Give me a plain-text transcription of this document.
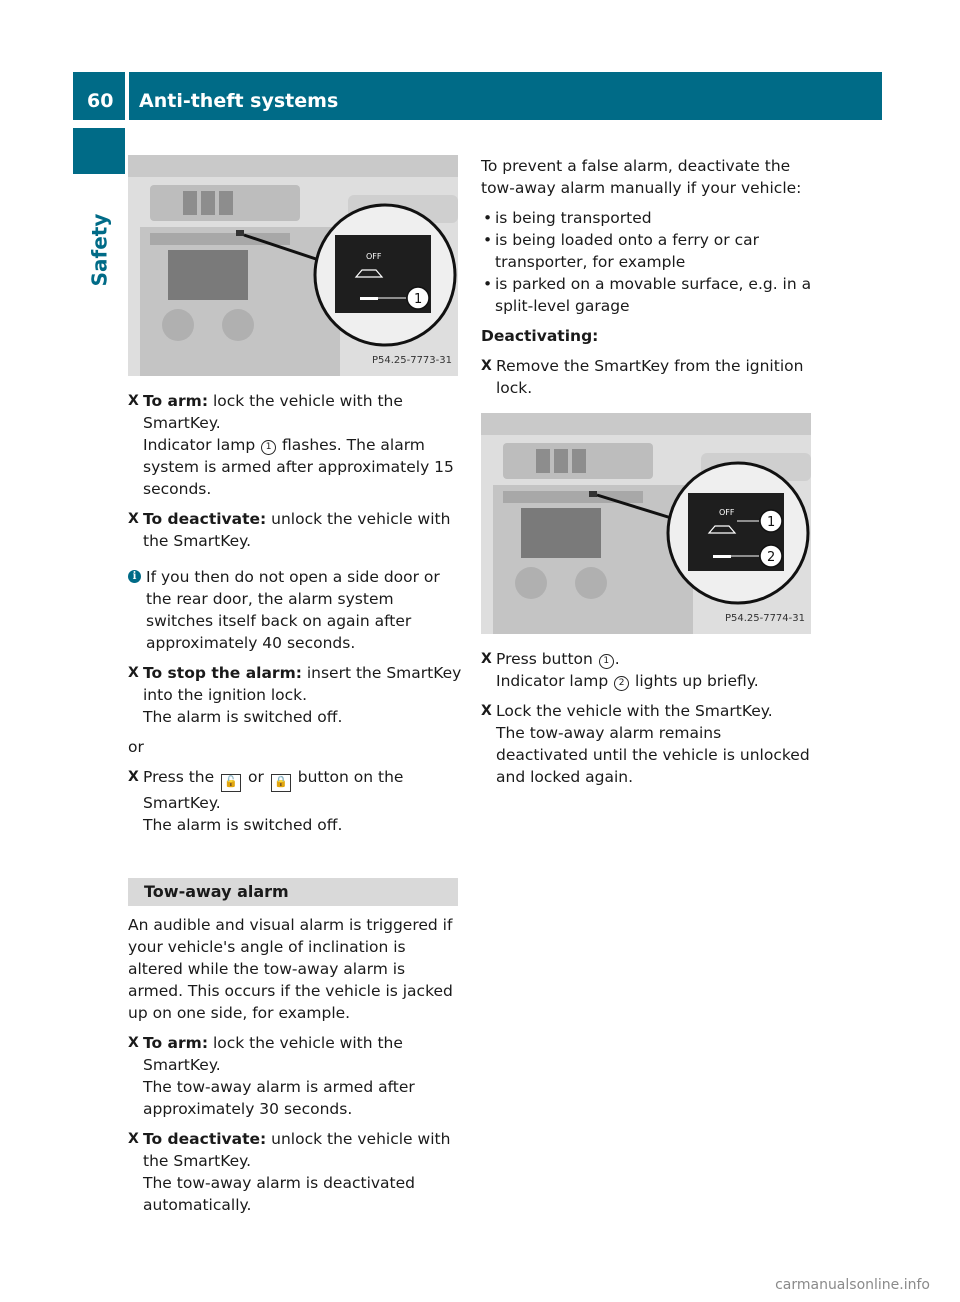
60 Anti-theft systems
Safety	OFF
1
P54.25-7773-31
X To arm: lock the vehicle with the SmartKey.
Indicator lamp 1 flashes. The alarm system is armed after approximately 15 seconds.
X To deactivate: unlock the vehicle with the SmartKey.
i If you then do not open a side door or the rear door, the alarm system switches itself back on again after approximately 40 seconds.
X To stop the alarm: insert the SmartKey into the ignition lock.
The alarm is switched off.

or

X Press the 🔓 or 🔒 button on the SmartKey.
The alarm is switched off.
Tow-away alarm

An audible and visual alarm is triggered if your vehicle's angle of inclination is altered while the tow-away alarm is armed. This occurs if the vehicle is jacked up on one side, for example.

X To arm: lock the vehicle with the SmartKey.
The tow-away alarm is armed after approximately 30 seconds.
X To deactivate: unlock the vehicle with the SmartKey.
The tow-away alarm is deactivated automatically.

To prevent a false alarm, deactivate the tow-away alarm manually if your vehicle:

• is being transported
• is being loaded onto a ferry or car transporter, for example
• is parked on a movable surface, e.g. in a split-level garage

Deactivating:

X Remove the SmartKey from the ignition lock.
OFF
1
2
P54.25-7774-31
X Press button 1 .
Indicator lamp 2 lights up briefly.
X Lock the vehicle with the SmartKey.
The tow-away alarm remains deactivated until the vehicle is unlocked and locked again.
carmanualsonline.info
